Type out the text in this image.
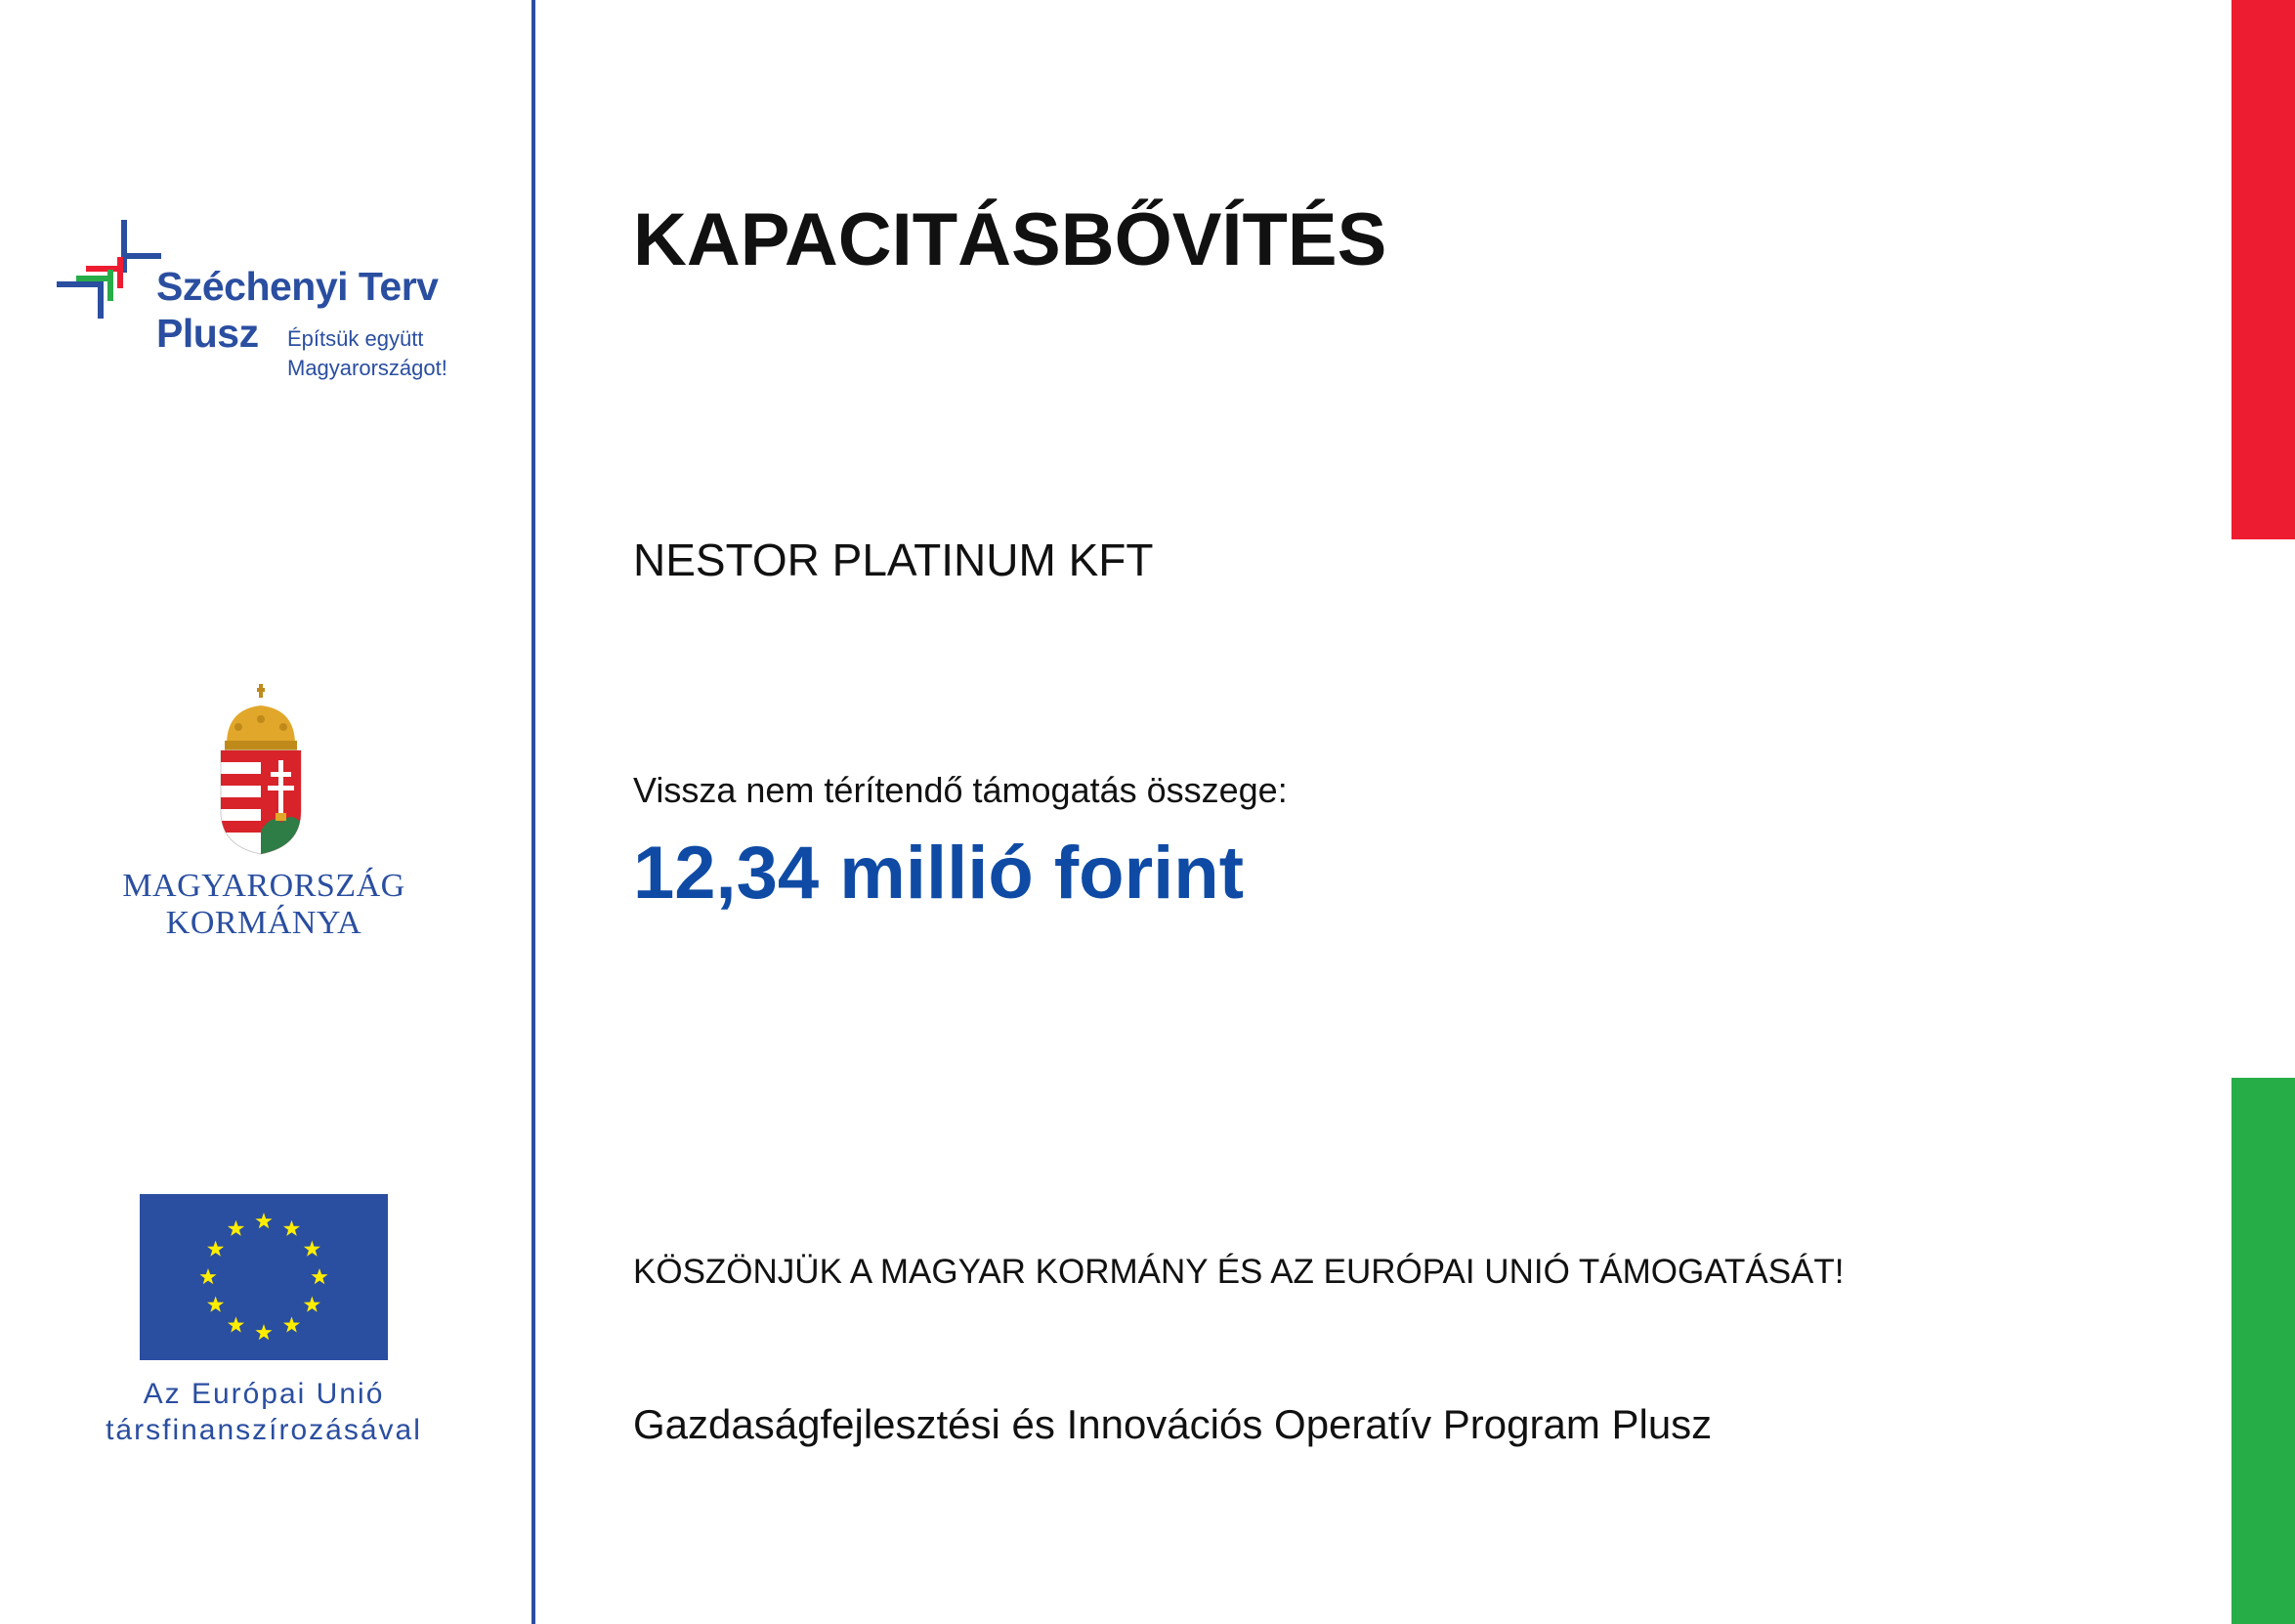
Széchenyi Terv
Plusz Építsük együtt
Magyarországot!
MAGYARORSZÁG
KORMÁNYA
Az Európai Unió
társfinanszírozásával
KAPACITÁSBŐVÍTÉS
NESTOR PLATINUM KFT
Vissza nem térítendő támogatás összege:
12,34 millió forint
KÖSZÖNJÜK A MAGYAR KORMÁNY ÉS AZ EURÓPAI UNIÓ TÁMOGATÁSÁT!
Gazdaságfejlesztési és Innovációs Operatív Program Plusz
